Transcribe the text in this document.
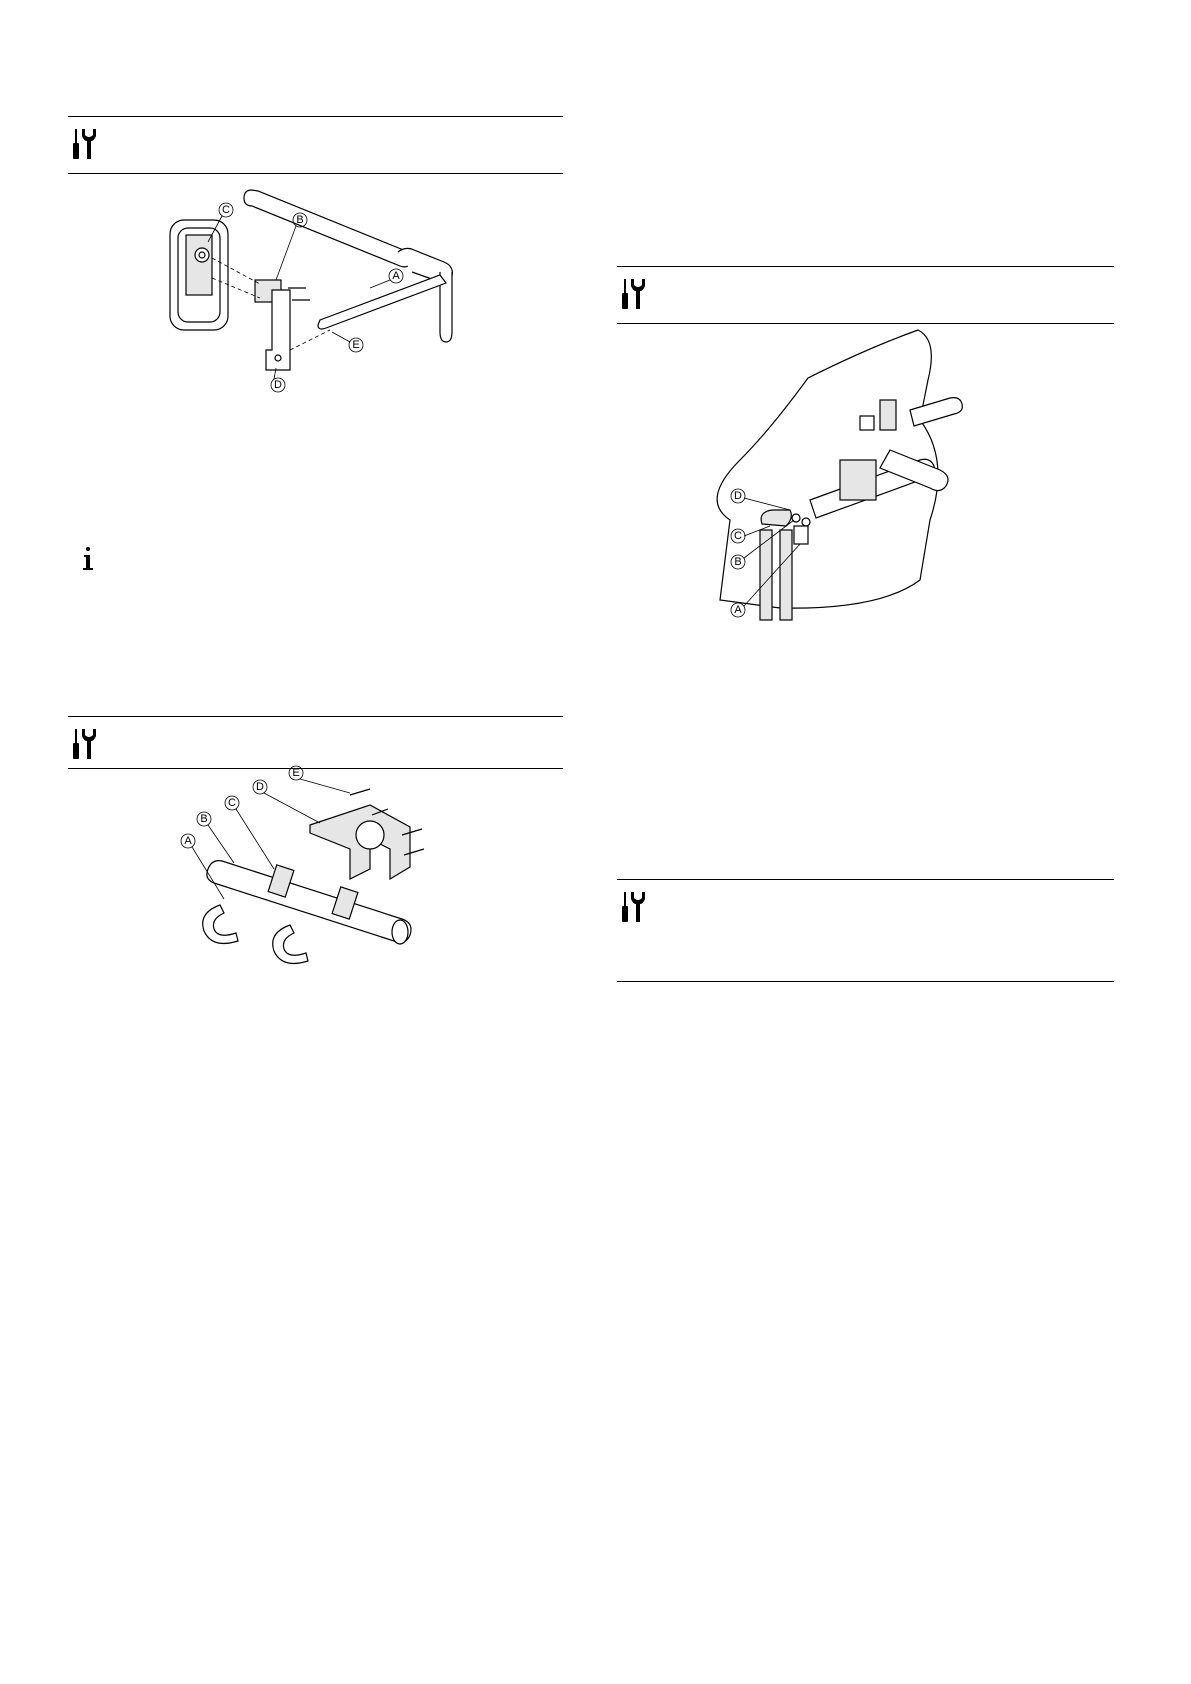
A
B
C
D
E
A
B
C
D
E
A
B
C
D
